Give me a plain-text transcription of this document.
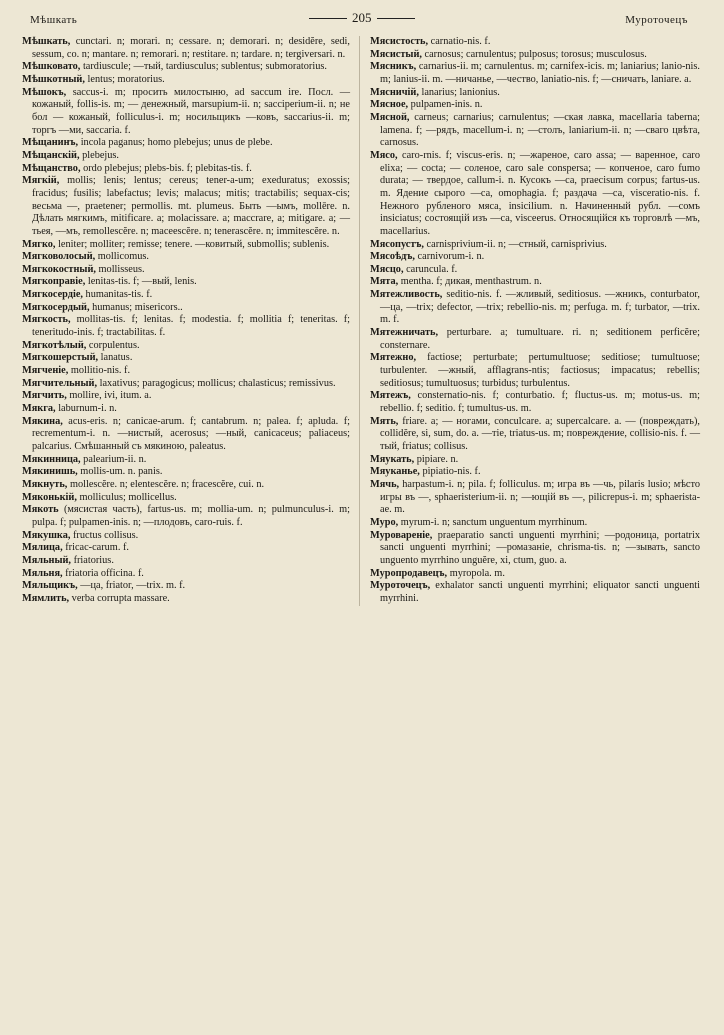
Мѣшкать	205	Муроточецъ
Мѣшкать, cunctari. n; morari. n; cessare. n; demorari. n; desidĕre, sedi, sessum, co. n; mantare. n; remorari. n; restitare. n; tardare. n; tergiversari. n.
Мѣшковато, tardiuscule; —тый, tardiusculus; sublentus; submoratorius.
Мѣшкотный, lentus; moratorius.
Мѣшокъ, saccus-i. m; просить милостыню, ad saccum ire. Посл. — кожаный, follis-is. m; — денежный, marsupium-ii. n; sacciperium-ii. n; не бол — кожаный, folliculus-i. m; носильщикъ —ковъ, saccarius-ii. m; торгъ —ми, saccaria. f.
Мѣщанинъ, incola paganus; homo plebejus; unus de plebe.
Мѣщанскій, plebejus.
Мѣщанство, ordo plebejus; plebs-bis. f; plebitas-tis. f.
Мягкій, mollis; lenis; lentus; cereus; tener-a-um; exeduratus; exossis; fracidus; fusilis; labefactus; levis; malacus; mitis; tractabilis; sequax-cis; весьма —, praetener; permollis. mt. plumeus. Быть —ымъ, mollēre. n. Дѣлать мягкимъ, mitificare. a; molacissare. a; maccrare, a; mitigare. a; —тьея, —мъ, remollescĕre. n; maceescĕre. n; tenerascĕre. n; immitescĕre. n.
Мягко, leniter; molliter; remisse; tenere. —ковитый, submollis; sublenis.
Мягковолосый, mollicomus.
Мягкокостный, mollisseus.
Мягкоправіе, lenitas-tis. f; —вый, lenis.
Мягкосердіе, humanitas-tis. f.
Мягкосердый, humanus; misericors..
Мягкость, mollitas-tis. f; lenitas. f; modestia. f; mollitia f; teneritas. f; teneritudo-inis. f; tractabilitas. f.
Мягкотѣлый, corpulentus.
Мягкошерстый, lanatus.
Мягченіе, mollitio-nis. f.
Мягчительный, laxativus; paragogicus; mollicus; chalasticus; remissivus.
Мягчить, mollire, ivi, itum. a.
Мякга, laburnum-i. n.
Мякина, acus-eris. n; canicae-arum. f; cantabrum. n; palea. f; apluda. f; recrementum-i. n. —нистый, acerosus; —ный, canicaceus; paliaceus; palcarius. Смѣшанный съ мякиною, paleatus.
Мякинница, palearium-ii. n.
Мякинишь, mollis-um. n. panis.
Мякнуть, mollescĕre. n; elentescĕre. n; fracescĕre, cui. n.
Мяконькій, molliculus; mollicellus.
Мякоть (мясистая часть), fartus-us. m; mollia-um. n; pulmunculus-i. m; pulpa. f; pulpamen-inis. n; —плодовъ, caro-ruis. f.
Мякушка, fructus collisus.
Мялица, fricac-carum. f.
Мяльный, friatorius.
Мяльня, friatoria officina. f.
Мяльщикъ, —ца, friator, —trix. m. f.
Мямлить, verba corrupta massare.
Мясистость, carnatio-nis. f.
Мясистый, carnosus; carnulentus; pulposus; torosus; musculosus.
Мясникъ, carnarius-ii. m; carnulentus. m; carnifex-icis. m; laniarius; lanio-nis. m; lanius-ii. m. —ничанье, —чество, laniatio-nis. f; —сничать, laniare. a.
Мясничій, lanarius; lanionius.
Мясное, pulpamen-inis. n.
Мясной, carneus; carnarius; carnulentus; —ская лавка, macellaria taberna; lamena. f; —рядъ, macellum-i. n; —столъ, laniarium-ii. n; —сваго цвѣта, carnosus.
Мясо, caro-rnis. f; viscus-eris. n; —жареное, caro assa; — варенное, caro elixa; — cocta; — соленое, caro sale conspersa; — копченое, caro fumo durata; — твердое, callum-i. n. Кусокъ —са, praecisum corpus; fartus-us. m. Ядение сырого —са, omophagia. f; раздача —са, visceratio-nis. f. Нежного рубленого мяса, insicilium. n. Начиненный рубл. —сомъ insiciatus; состоящій изъ —са, visceerus. Относящійся къ торговлѣ —мъ, macellarius.
Мясопустъ, carnisprivium-ii. n; —стный, carnisprivius.
Мясоѣдъ, carnivorum-i. n.
Мясцо, caruncula. f.
Мята, mentha. f; дикая, menthastrum. n.
Мятежливость, seditio-nis. f. —жливый, seditiosus. —жникъ, conturbator, —ца, —trix; defector, —trix; rebellio-nis. m; perfuga. m. f; turbator, —trix. m. f.
Мятежничать, perturbare. a; tumultuare. ri. n; seditionem perficĕre; consternare.
Мятежно, factiose; perturbate; pertumultuose; seditiose; tumultuose; turbulenter. —жный, afflagrans-ntis; factiosus; impacatus; rebellis; seditiosus; tumultuosus; turbidus; turbulentus.
Мятежъ, consternatio-nis. f; conturbatio. f; fluctus-us. m; motus-us. m; rebellio. f; seditio. f; tumultus-us. m.
Мять, friare. a; — ногами, conculcare. a; supercalcare. a. — (повреждать), collidĕre, si, sum, do. a. —тіе, triatus-us. m; повреждение, collisio-nis. f. —тый, friatus; collisus.
Мяукать, pipiare. n.
Мяуканье, pipiatio-nis. f.
Мячь, harpastum-i. n; pila. f; folliculus. m; игра въ —чь, pilaris lusio; мѣсто игры въ —, sphaeristerium-ii. n; —ющій въ —, pilicrepus-i. m; sphaerista-ae. m.
Муро, myrum-i. n; sanctum unguentum myrrhinum.
Муроваренiе, praeparatio sancti unguenti myrrhini; —родоница, portatrix sancti unguenti myrrhini; —ромазаніе, chrisma-tis. n; —зывать, sancto unguento myrrhino unguĕre, xi, ctum, guo. a.
Муропродавецъ, myropola. m.
Муроточецъ, exhalator sancti unguenti myrrhini; eliquator sancti unguenti myrrhini.
